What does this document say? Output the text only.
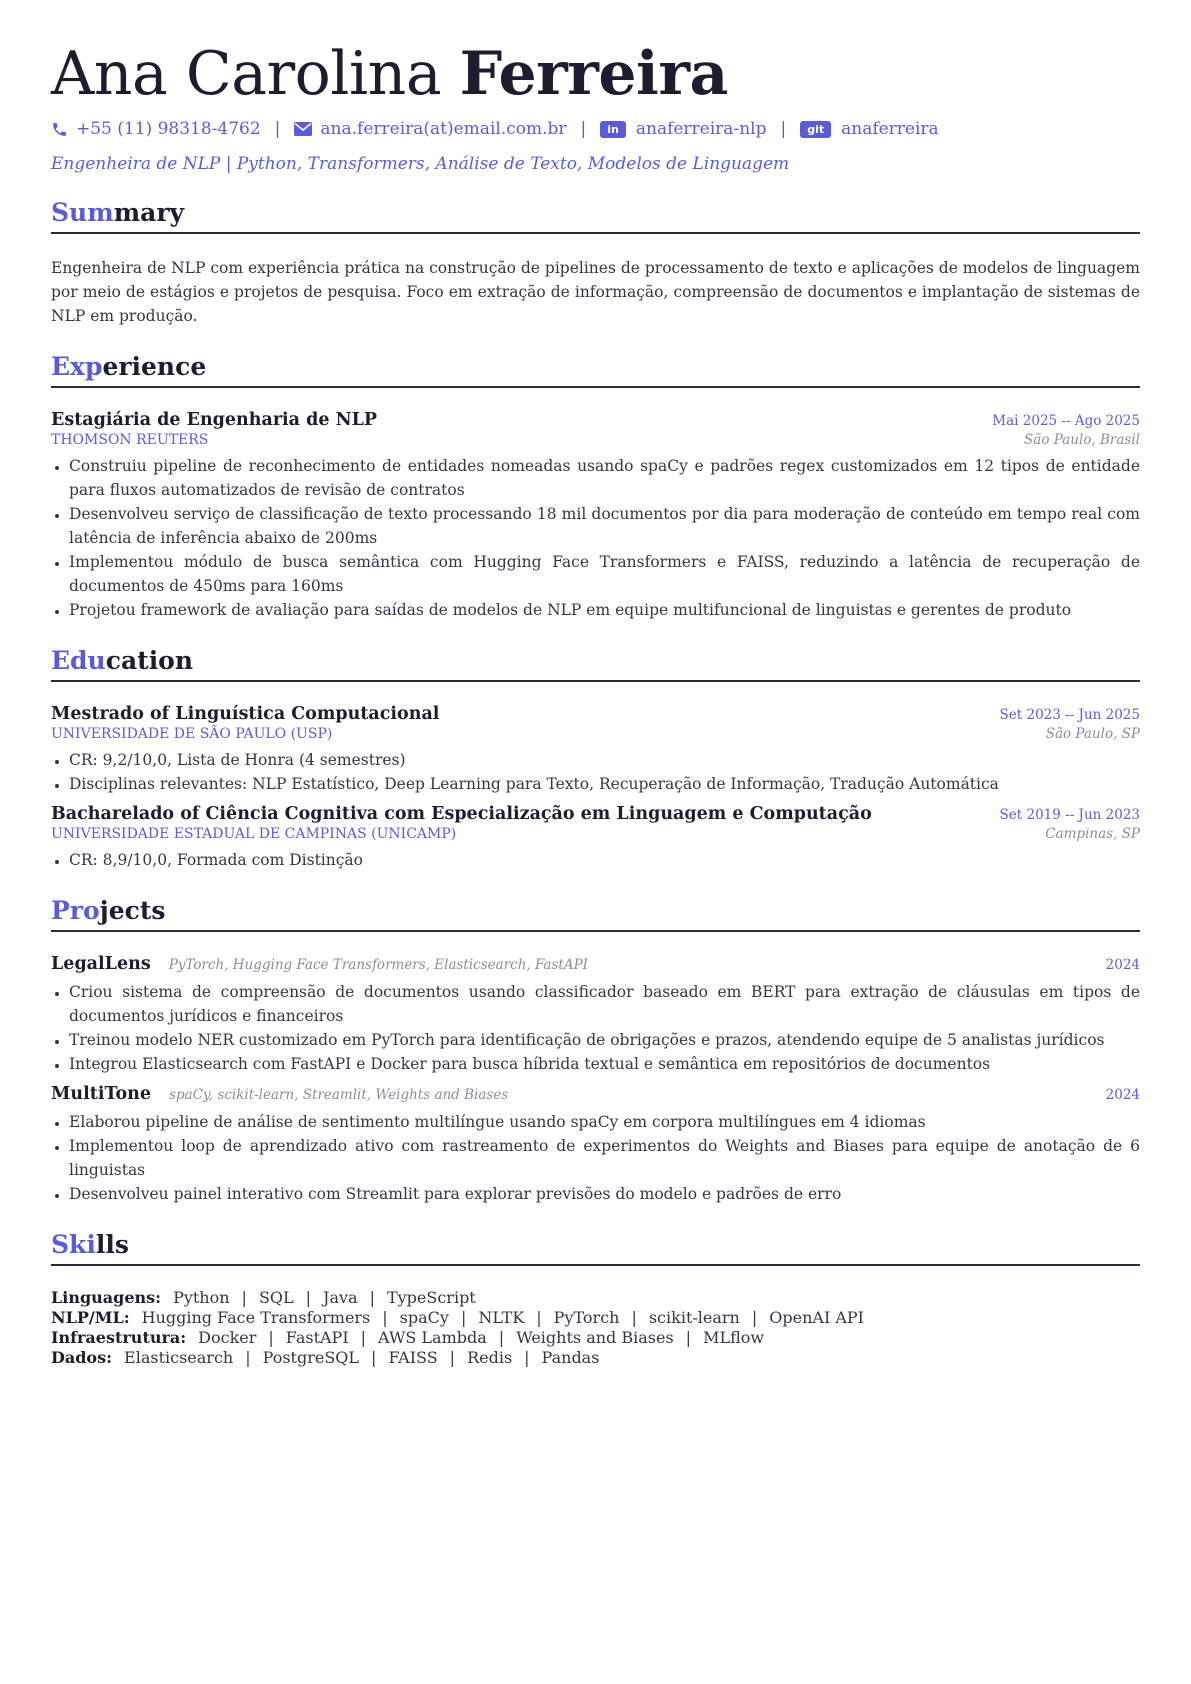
Ana Carolina Ferreira
+55 (11) 98318-4762 | ana.ferreira(at)email.com.br |	in	anaferreira-nlp |	git	anaferreira
Engenheira de NLP | Python, Transformers, Análise de Texto, Modelos de Linguagem
Summary
Engenheira de NLP com experiência prática na construção de pipelines de processamento de texto e aplicações de modelos de linguagem por meio de estágios e projetos de pesquisa. Foco em extração de informação, compreensão de documentos e implantação de sistemas de NLP em produção.
Experience
Estagiária de Engenharia de NLP	Mai 2025 -- Ago 2025
THOMSON REUTERS	São Paulo, Brasil
• Construiu pipeline de reconhecimento de entidades nomeadas usando spaCy e padrões regex customizados em 12 tipos de entidade para fluxos automatizados de revisão de contratos
• Desenvolveu serviço de classificação de texto processando 18 mil documentos por dia para moderação de conteúdo em tempo real com latência de inferência abaixo de 200ms
• Implementou módulo de busca semântica com Hugging Face Transformers e FAISS, reduzindo a latência de recuperação de documentos de 450ms para 160ms
• Projetou framework de avaliação para saídas de modelos de NLP em equipe multifuncional de linguistas e gerentes de produto
Education
Mestrado of Linguística Computacional	Set 2023 -- Jun 2025
UNIVERSIDADE DE SÃO PAULO (USP)	São Paulo, SP
• CR: 9,2/10,0, Lista de Honra (4 semestres)
• Disciplinas relevantes: NLP Estatístico, Deep Learning para Texto, Recuperação de Informação, Tradução Automática
Bacharelado of Ciência Cognitiva com Especialização em Linguagem e Computação	Set 2019 -- Jun 2023
UNIVERSIDADE ESTADUAL DE CAMPINAS (UNICAMP)	Campinas, SP
• CR: 8,9/10,0, Formada com Distinção
Projects
LegalLens PyTorch, Hugging Face Transformers, Elasticsearch, FastAPI	2024
• Criou sistema de compreensão de documentos usando classificador baseado em BERT para extração de cláusulas em tipos de documentos jurídicos e financeiros
• Treinou modelo NER customizado em PyTorch para identificação de obrigações e prazos, atendendo equipe de 5 analistas jurídicos
• Integrou Elasticsearch com FastAPI e Docker para busca híbrida textual e semântica em repositórios de documentos
MultiTone spaCy, scikit-learn, Streamlit, Weights and Biases	2024
• Elaborou pipeline de análise de sentimento multilíngue usando spaCy em corpora multilíngues em 4 idiomas
• Implementou loop de aprendizado ativo com rastreamento de experimentos do Weights and Biases para equipe de anotação de 6 linguistas
• Desenvolveu painel interativo com Streamlit para explorar previsões do modelo e padrões de erro
Skills
Linguagens: Python | SQL | Java | TypeScript
NLP/ML: Hugging Face Transformers | spaCy | NLTK | PyTorch | scikit-learn | OpenAI API
Infraestrutura: Docker | FastAPI | AWS Lambda | Weights and Biases | MLflow
Dados: Elasticsearch | PostgreSQL | FAISS | Redis | Pandas
